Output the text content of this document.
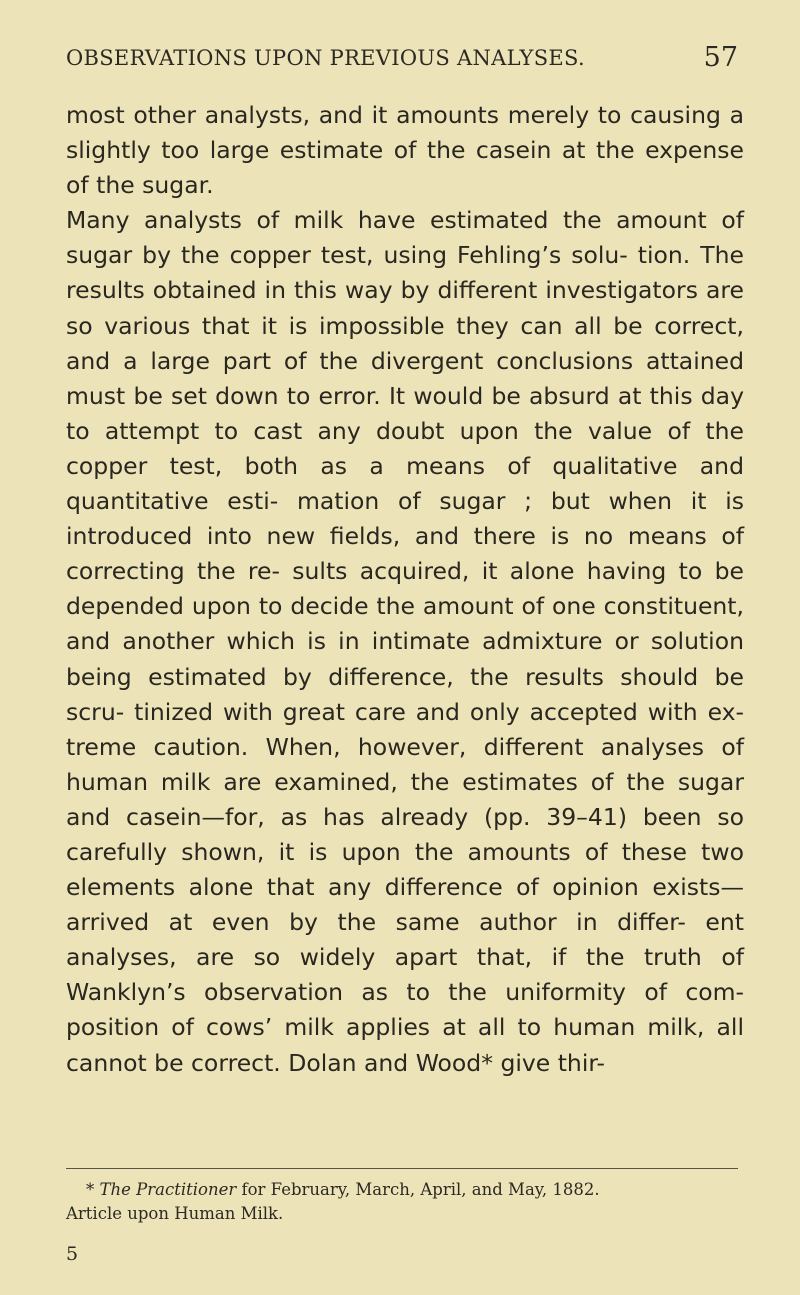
OBSERVATIONS UPON PREVIOUS ANALYSES.	57

most other analysts, and it amounts merely to causing a slightly too large estimate of the casein at the expense of the sugar.

Many analysts of milk have estimated the amount of sugar by the copper test, using Fehling’s solu- tion. The results obtained in this way by different investigators are so various that it is impossible they can all be correct, and a large part of the divergent conclusions attained must be set down to error. It would be absurd at this day to attempt to cast any doubt upon the value of the copper test, both as a means of qualitative and quantitative esti- mation of sugar ; but when it is introduced into new fields, and there is no means of correcting the re- sults acquired, it alone having to be depended upon to decide the amount of one constituent, and another which is in intimate admixture or solution being estimated by difference, the results should be scru- tinized with great care and only accepted with ex- treme caution. When, however, different analyses of human milk are examined, the estimates of the sugar and casein—for, as has already (pp. 39–41) been so carefully shown, it is upon the amounts of these two elements alone that any difference of opinion exists—arrived at even by the same author in differ- ent analyses, are so widely apart that, if the truth of Wanklyn’s observation as to the uniformity of com- position of cows’ milk applies at all to human milk, all cannot be correct. Dolan and Wood* give thir-

* The Practitioner for February, March, April, and May, 1882.

Article upon Human Milk.

5
